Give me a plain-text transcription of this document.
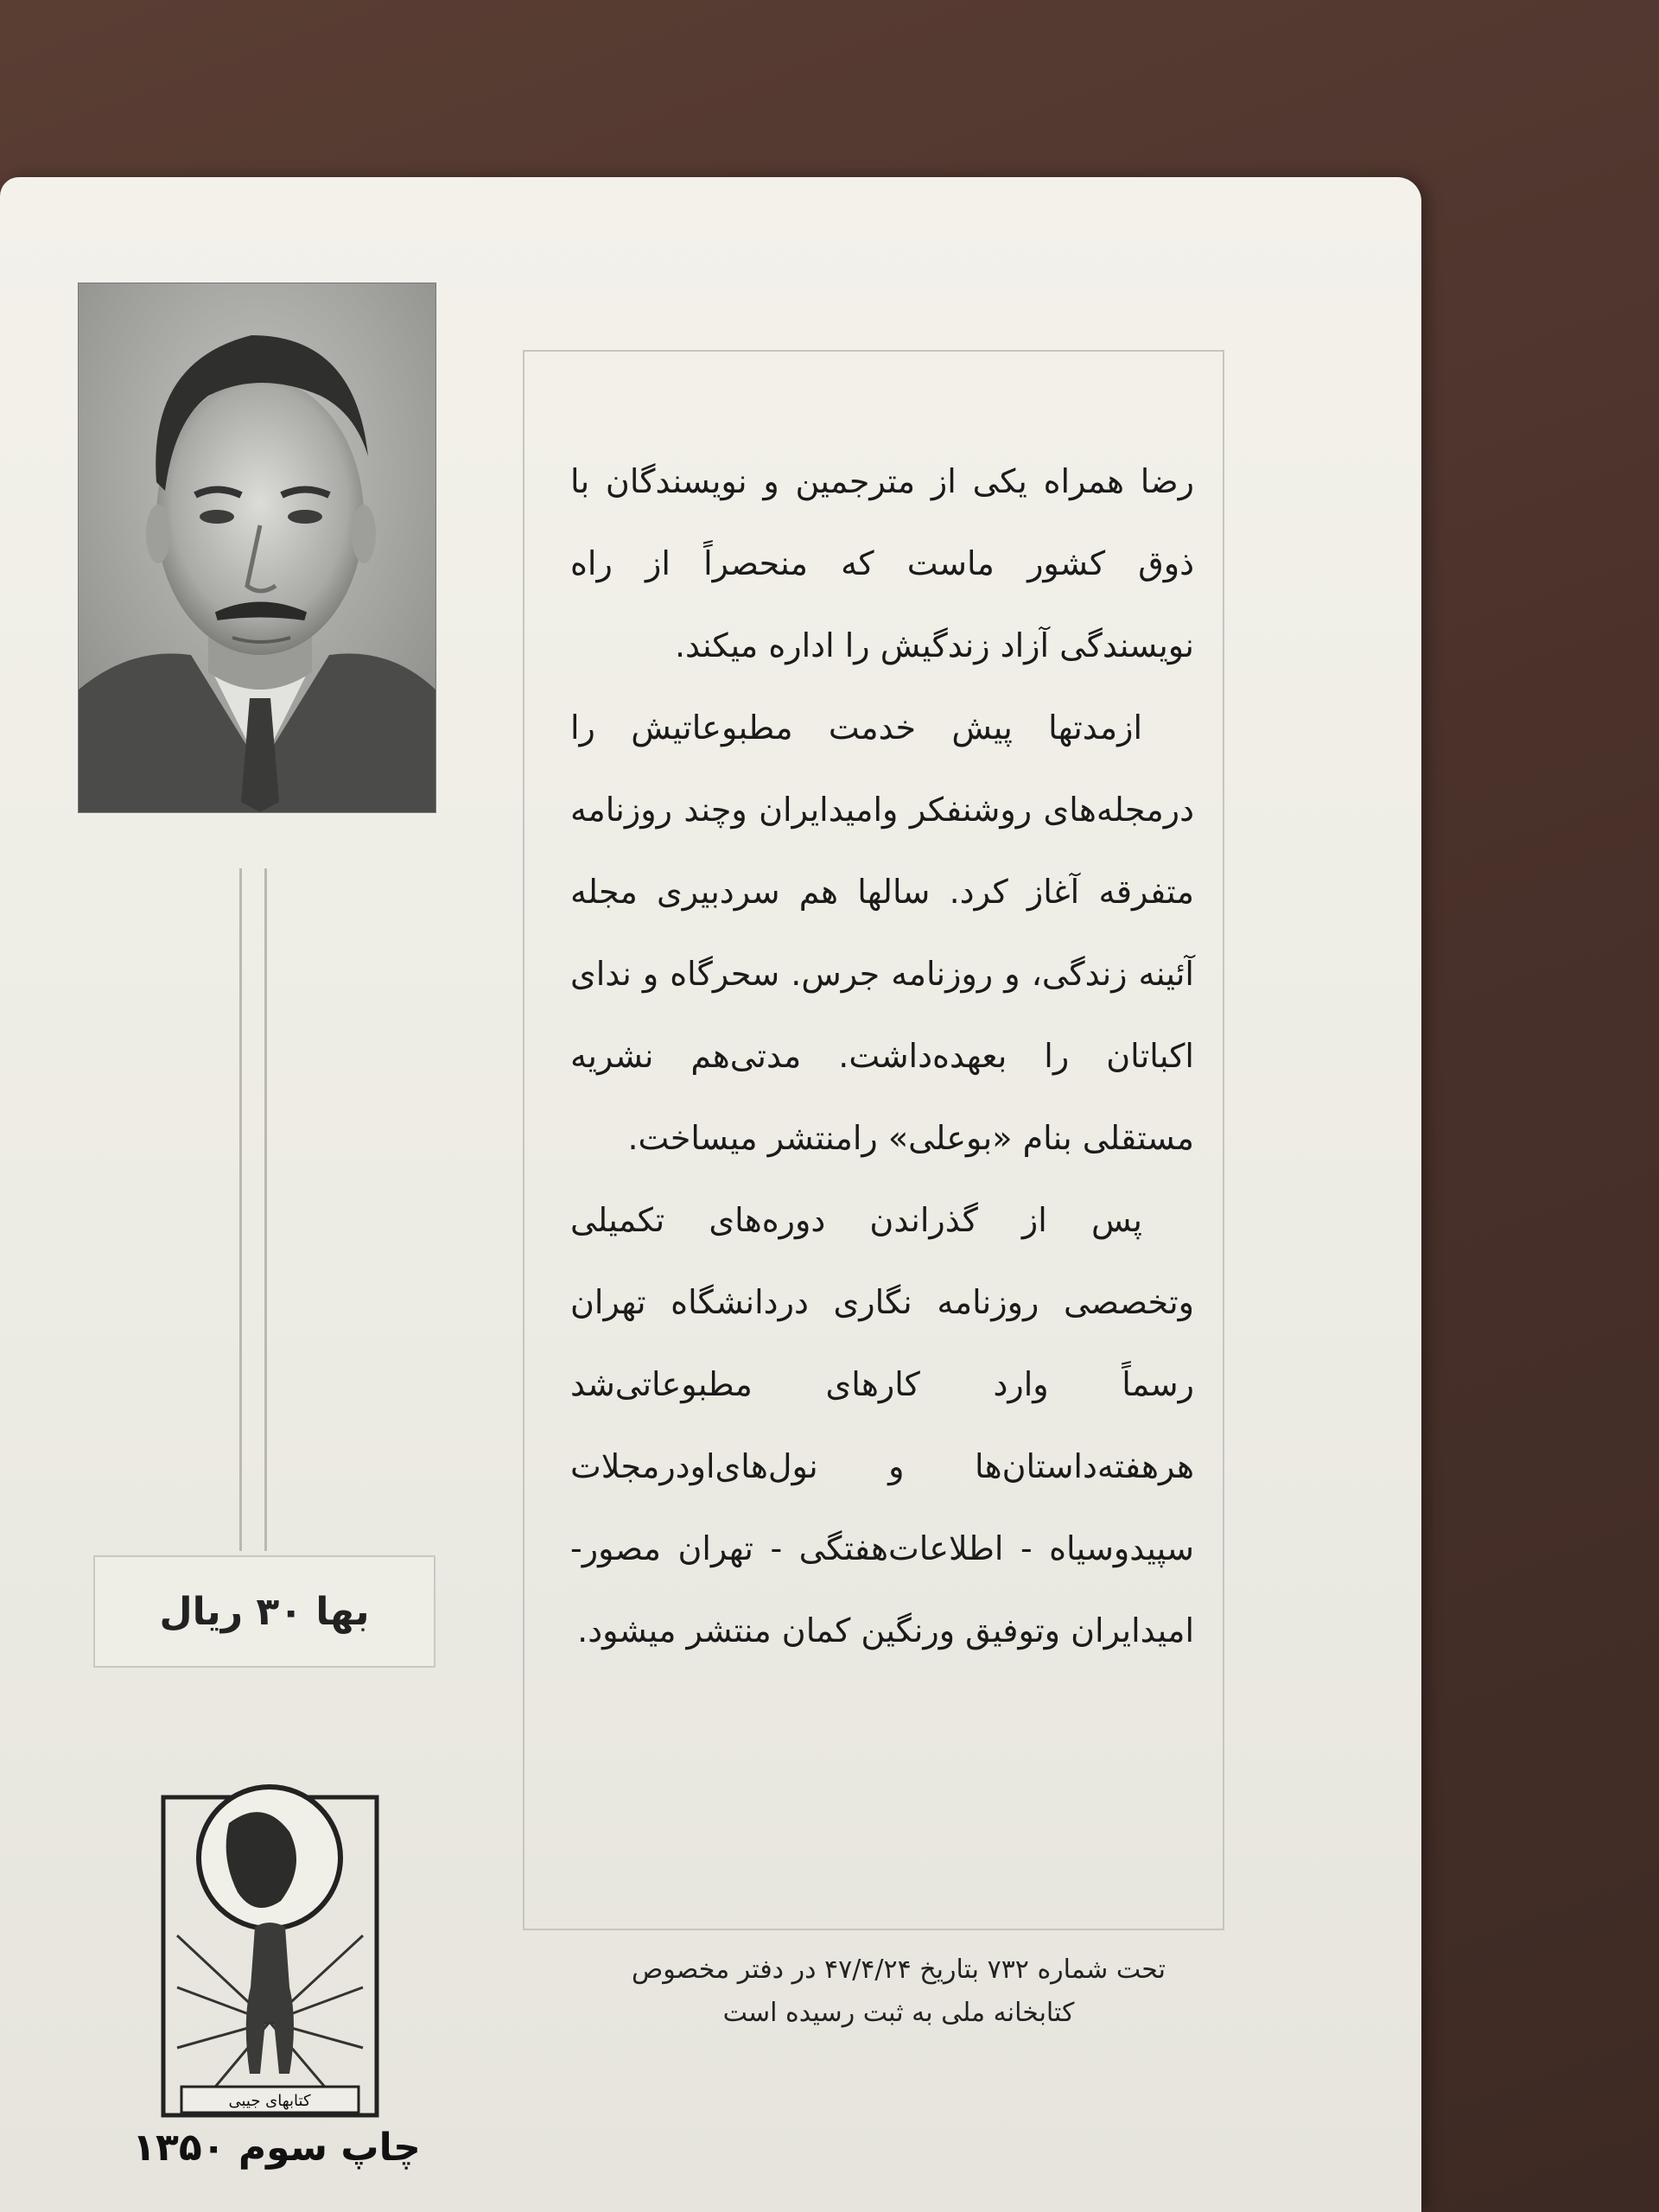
بها ۳۰ ریال

رضا همراه یکی از مترجمین و نویسندگان با ذوق کشور ماست که منحصراً از راه نویسندگی آزاد زندگیش را اداره میکند.

ازمدتها پیش خدمت مطبوعاتیش را درمجله‌های روشنفکر وامیدایران وچند روزنامه متفرقه آغاز کرد. سالها هم سردبیری مجله آئینه زندگی، و روزنامه جرس. سحرگاه و ندای اکباتان را بعهده‌داشت. مدتی‌هم نشریه مستقلی بنام «بوعلی» رامنتشر میساخت.

پس از گذراندن دوره‌های تکمیلی وتخصصی روزنامه نگاری دردانشگاه تهران رسماً وارد کارهای مطبوعاتی‌شد هرهفته‌داستان‌ها و نول‌های‌اودرمجلات سپیدوسیاه - اطلاعات‌هفتگی - تهران مصور- امیدایران وتوفیق ورنگین کمان منتشر میشود.

تحت شماره ۷۳۲ بتاریخ ۴۷/۴/۲۴ در دفتر مخصوص
کتابخانه ملی به ثبت رسیده است
کتابهای جیبی
چاپ سوم ۱۳۵۰
